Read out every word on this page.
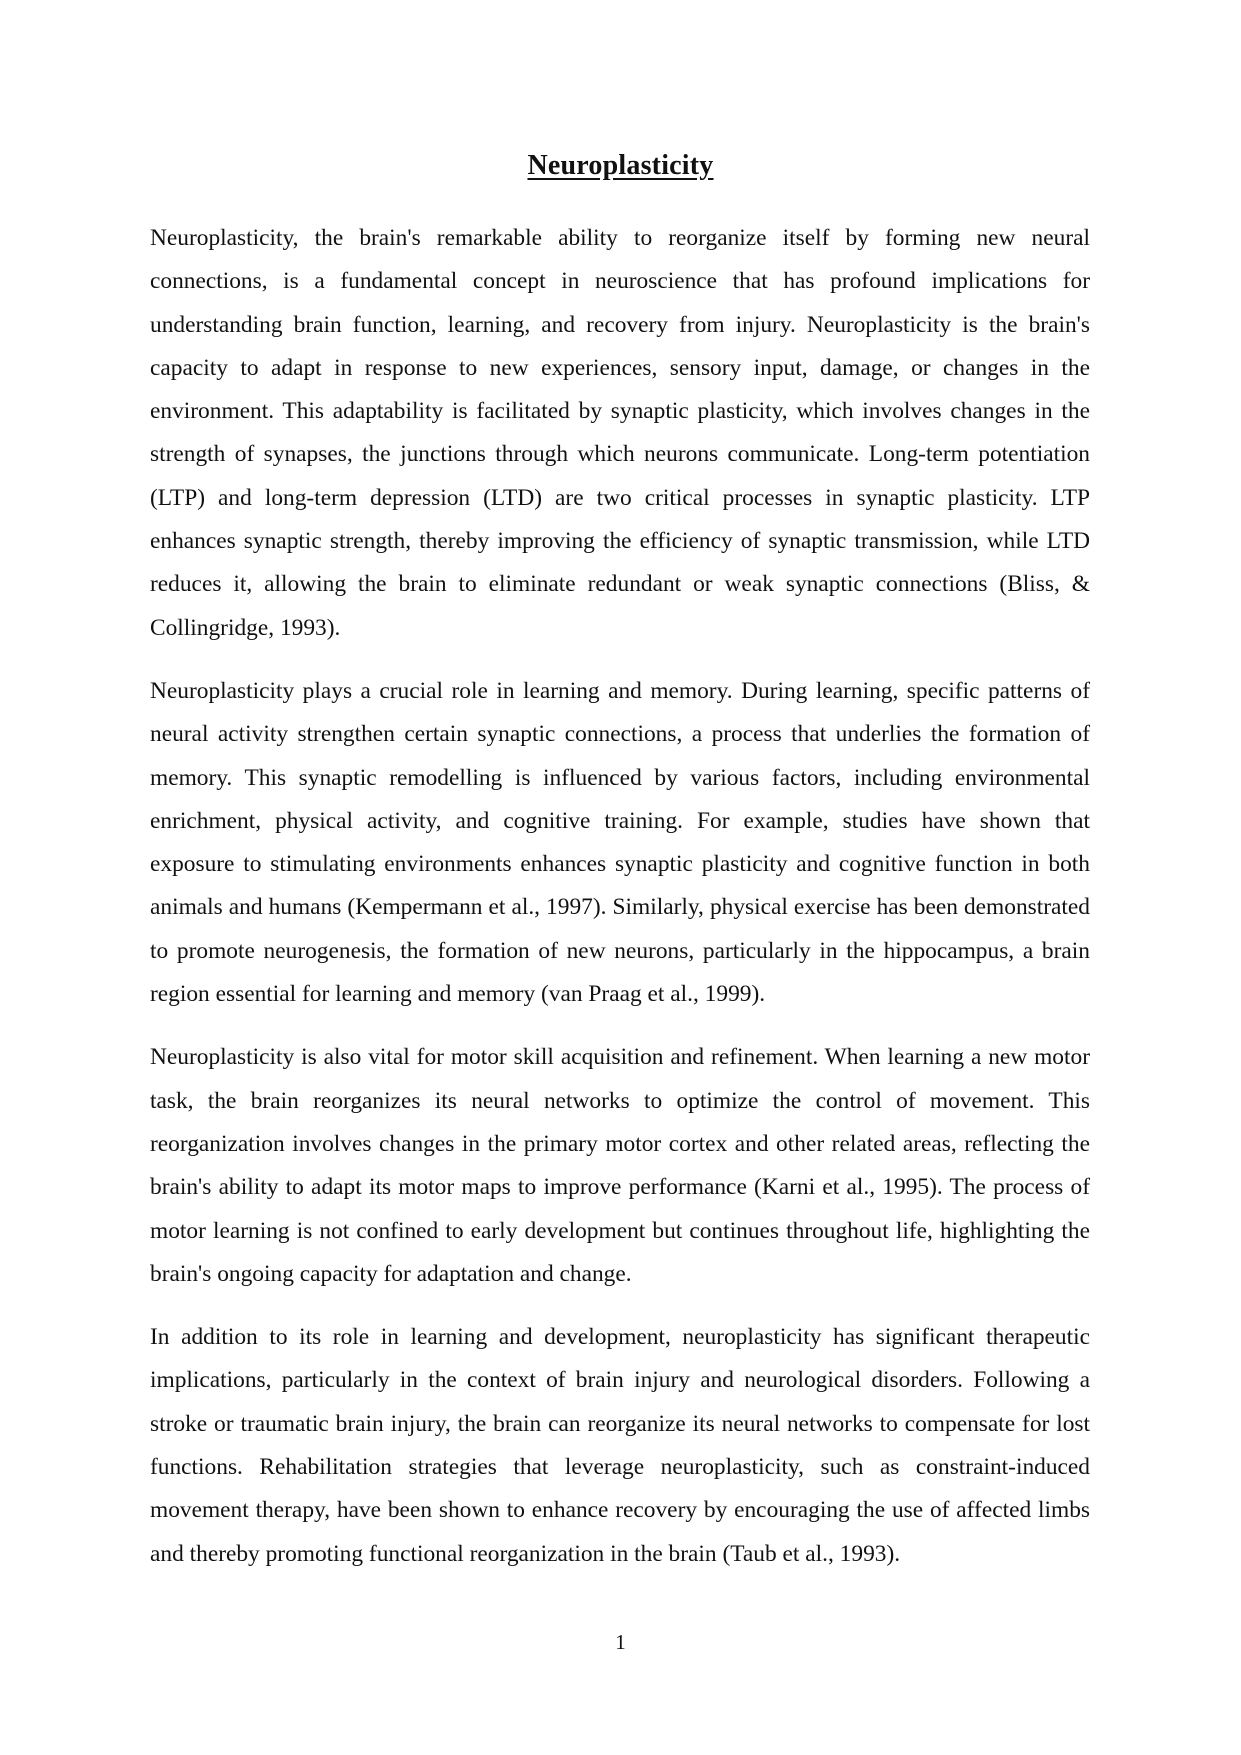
Neuroplasticity

Neuroplasticity, the brain's remarkable ability to reorganize itself by forming new neural connections, is a fundamental concept in neuroscience that has profound implications for understanding brain function, learning, and recovery from injury. Neuroplasticity is the brain's capacity to adapt in response to new experiences, sensory input, damage, or changes in the environment. This adaptability is facilitated by synaptic plasticity, which involves changes in the strength of synapses, the junctions through which neurons communicate. Long-term potentiation (LTP) and long-term depression (LTD) are two critical processes in synaptic plasticity. LTP enhances synaptic strength, thereby improving the efficiency of synaptic transmission, while LTD reduces it, allowing the brain to eliminate redundant or weak synaptic connections (Bliss, & Collingridge, 1993).

Neuroplasticity plays a crucial role in learning and memory. During learning, specific patterns of neural activity strengthen certain synaptic connections, a process that underlies the formation of memory. This synaptic remodelling is influenced by various factors, including environmental enrichment, physical activity, and cognitive training. For example, studies have shown that exposure to stimulating environments enhances synaptic plasticity and cognitive function in both animals and humans (Kempermann et al., 1997). Similarly, physical exercise has been demonstrated to promote neurogenesis, the formation of new neurons, particularly in the hippocampus, a brain region essential for learning and memory (van Praag et al., 1999).

Neuroplasticity is also vital for motor skill acquisition and refinement. When learning a new motor task, the brain reorganizes its neural networks to optimize the control of movement. This reorganization involves changes in the primary motor cortex and other related areas, reflecting the brain's ability to adapt its motor maps to improve performance (Karni et al., 1995). The process of motor learning is not confined to early development but continues throughout life, highlighting the brain's ongoing capacity for adaptation and change.

In addition to its role in learning and development, neuroplasticity has significant therapeutic implications, particularly in the context of brain injury and neurological disorders. Following a stroke or traumatic brain injury, the brain can reorganize its neural networks to compensate for lost functions. Rehabilitation strategies that leverage neuroplasticity, such as constraint-induced movement therapy, have been shown to enhance recovery by encouraging the use of affected limbs and thereby promoting functional reorganization in the brain (Taub et al., 1993).

1
